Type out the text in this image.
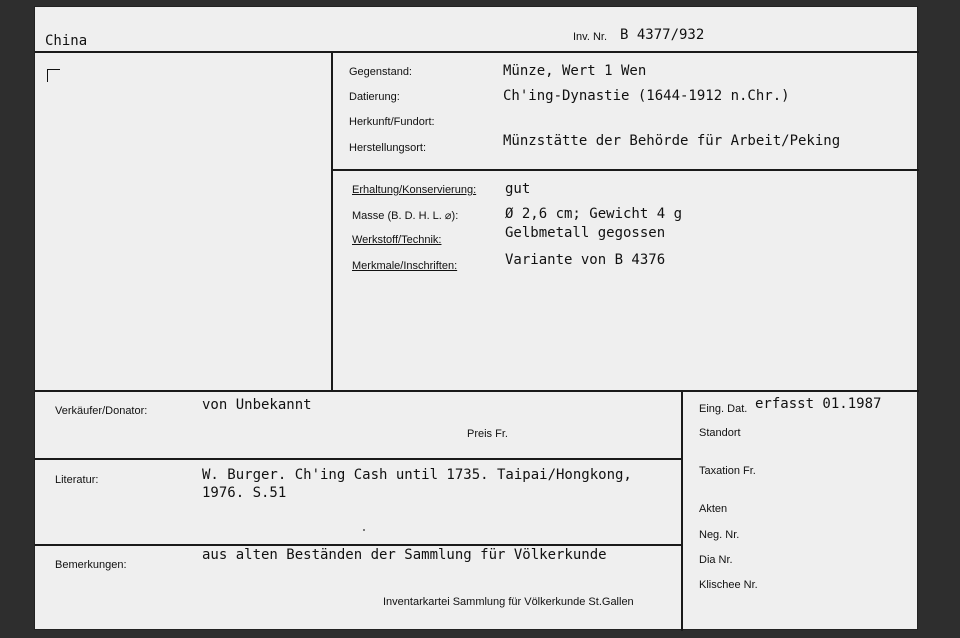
China	Inv. Nr. B 4377/932
Gegenstand:	Münze, Wert 1 Wen
Datierung:	Ch'ing-Dynastie (1644-1912 n.Chr.)
Herkunft/Fundort:
Herstellungsort:	Münzstätte der Behörde für Arbeit/Peking
Erhaltung/Konservierung: gut
Masse (B. D. H. L. ⌀):	Ø 2,6 cm; Gewicht 4 g
Werkstoff/Technik:	Gelbmetall gegossen
Merkmale/Inschriften:	Variante von B 4376
Verkäufer/Donator:	von Unbekannt
Preis Fr.
Literatur:	W. Burger. Ch'ing Cash until 1735. Taipai/Hongkong,
1976. S.51
Bemerkungen:
aus alten Beständen der Sammlung für Völkerkunde
Inventarkartei Sammlung für Völkerkunde St.Gallen
Eing. Dat. erfasst 01.1987
Standort
Taxation Fr.
Akten
Neg. Nr.
Dia Nr.
Klischee Nr.
